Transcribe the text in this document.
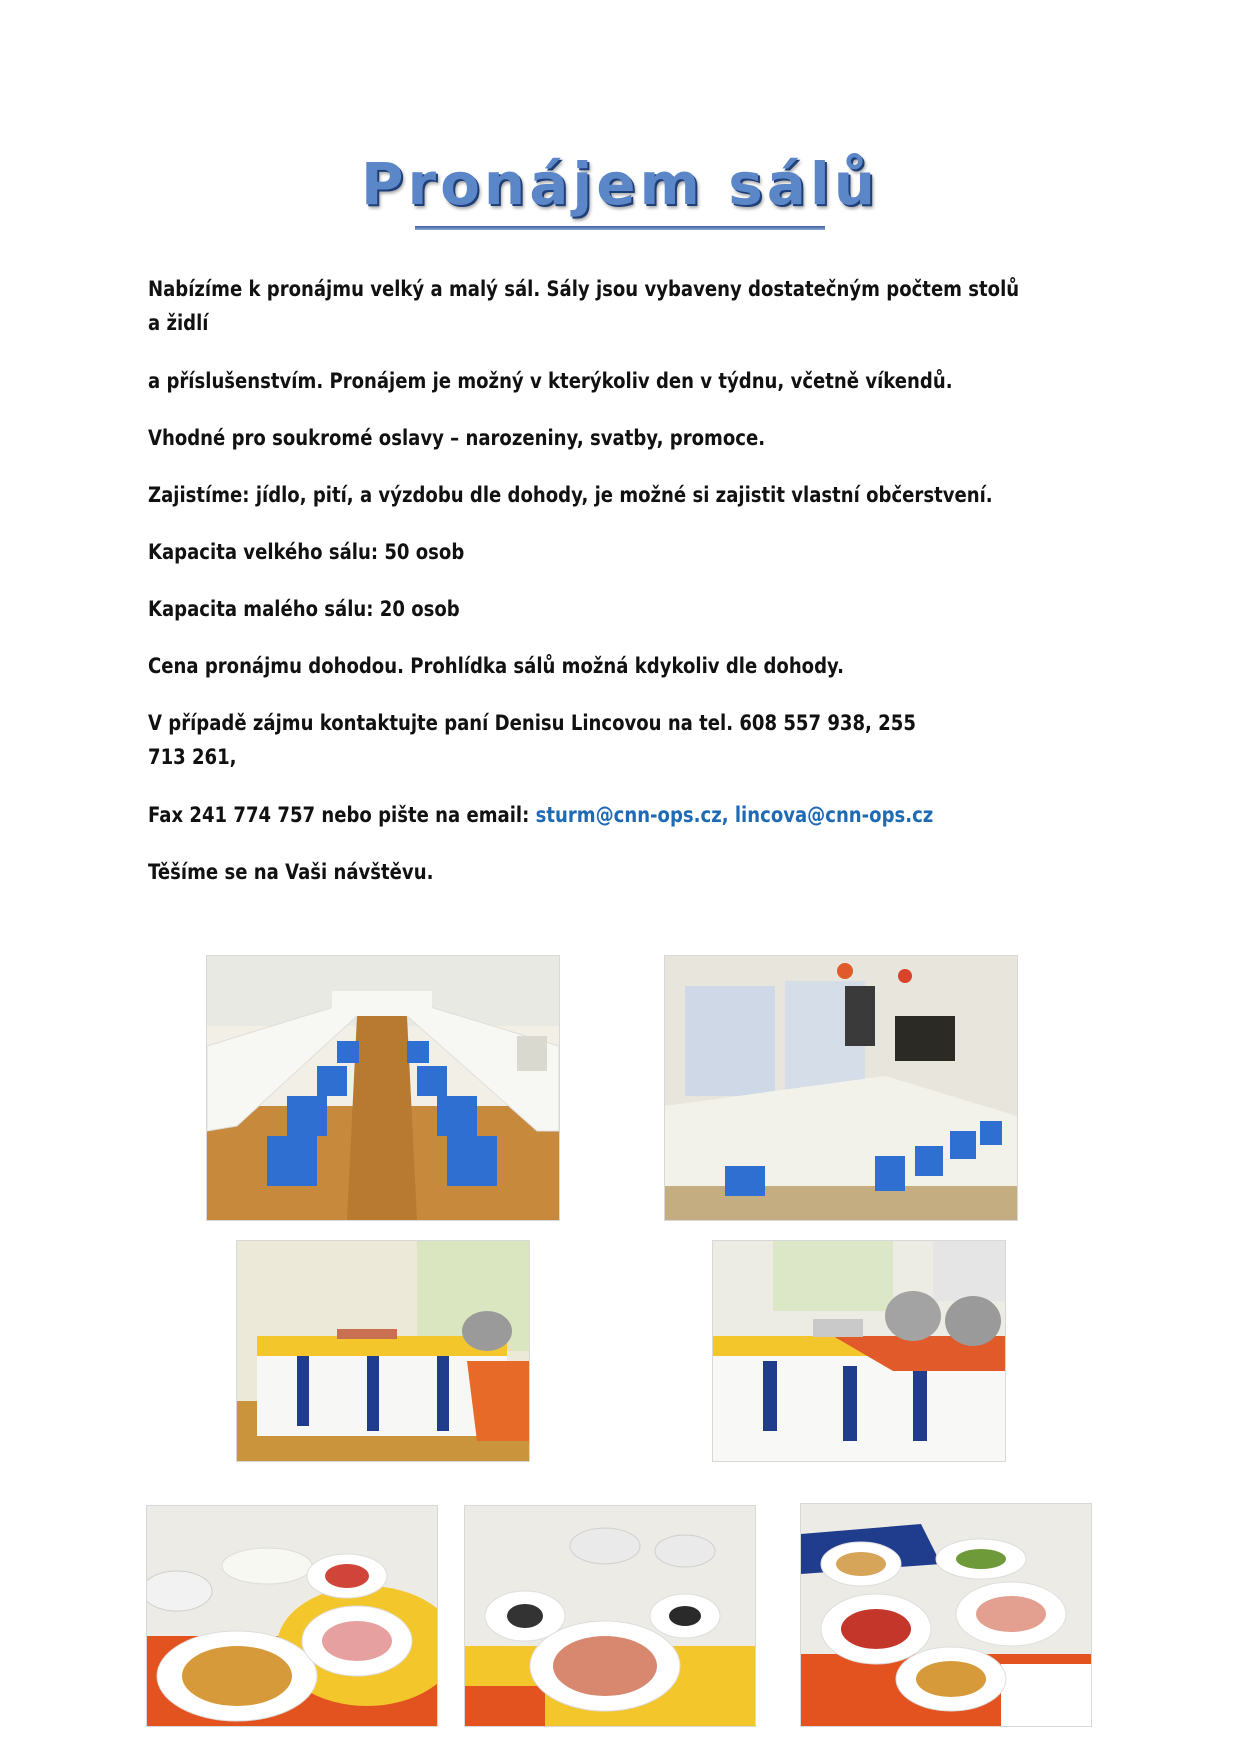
Pronájem sálů
Nabízíme k pronájmu velký a malý sál. Sály jsou vybaveny dostatečným počtem stolů
a židlí
a příslušenstvím. Pronájem je možný v kterýkoliv den v týdnu, včetně víkendů.
Vhodné pro soukromé oslavy – narozeniny, svatby, promoce.
Zajistíme: jídlo, pití, a výzdobu dle dohody, je možné si zajistit vlastní občerstvení.
Kapacita velkého sálu: 50 osob
Kapacita malého sálu: 20 osob
Cena pronájmu dohodou. Prohlídka sálů možná kdykoliv dle dohody.
V případě zájmu kontaktujte paní Denisu Lincovou na tel. 608 557 938, 255
713 261,
Fax 241 774 757 nebo pište na email: sturm@cnn-ops.cz, lincova@cnn-ops.cz
Těšíme se na Vaši návštěvu.
